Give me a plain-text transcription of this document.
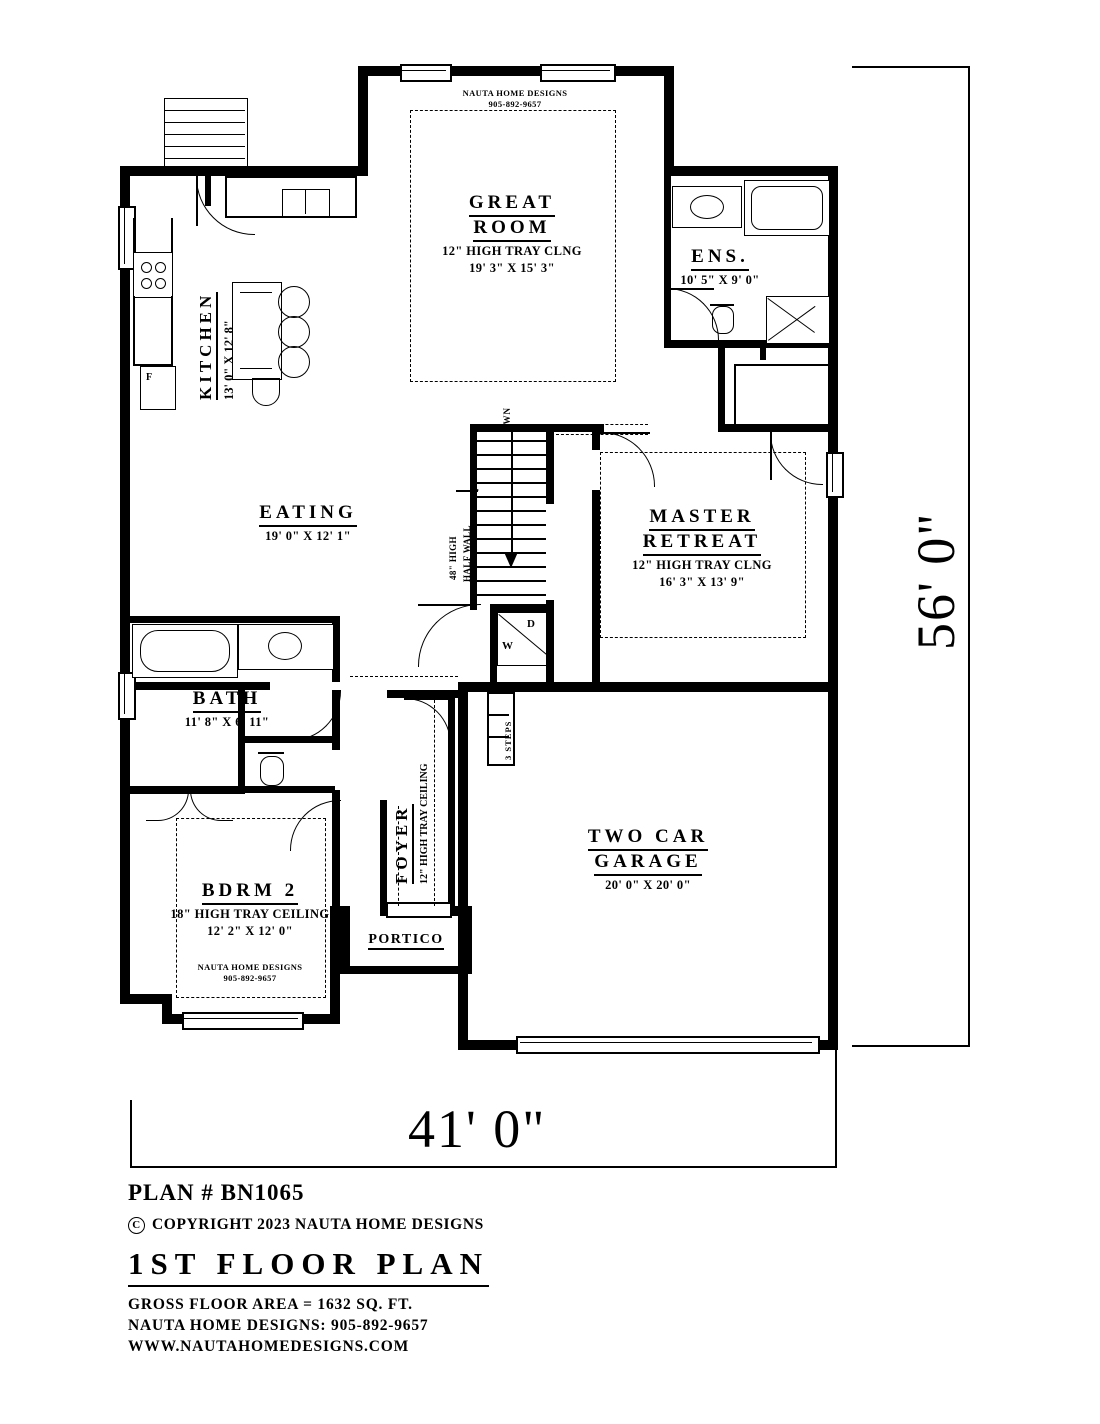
56' 0"
41' 0"
3 STEPS
F
DWN
48" HIGH HALF WALL
W
D
GREAT
ROOM
12" HIGH TRAY CLNG
19' 3" X 15' 3"
KITCHEN 13' 0" X 12' 8"
ENS.
10' 5" X 9' 0"
EATING
19' 0" X 12' 1"
MASTER
RETREAT
12" HIGH TRAY CLNG
16' 3" X 13' 9"
BATH
11' 8" X 6' 11"
BDRM 2
18" HIGH TRAY CEILING
12' 2" X 12' 0"
FOYER 12" HIGH TRAY CEILING	TWO CAR
GARAGE
20' 0" X 20' 0"
PORTICO
NAUTA HOME DESIGNS
905-892-9657
NAUTA HOME DESIGNS
905-892-9657
PLAN # BN1065
C COPYRIGHT 2023 NAUTA HOME DESIGNS
1ST FLOOR PLAN
GROSS FLOOR AREA = 1632 SQ. FT.
NAUTA HOME DESIGNS: 905-892-9657
WWW.NAUTAHOMEDESIGNS.COM
